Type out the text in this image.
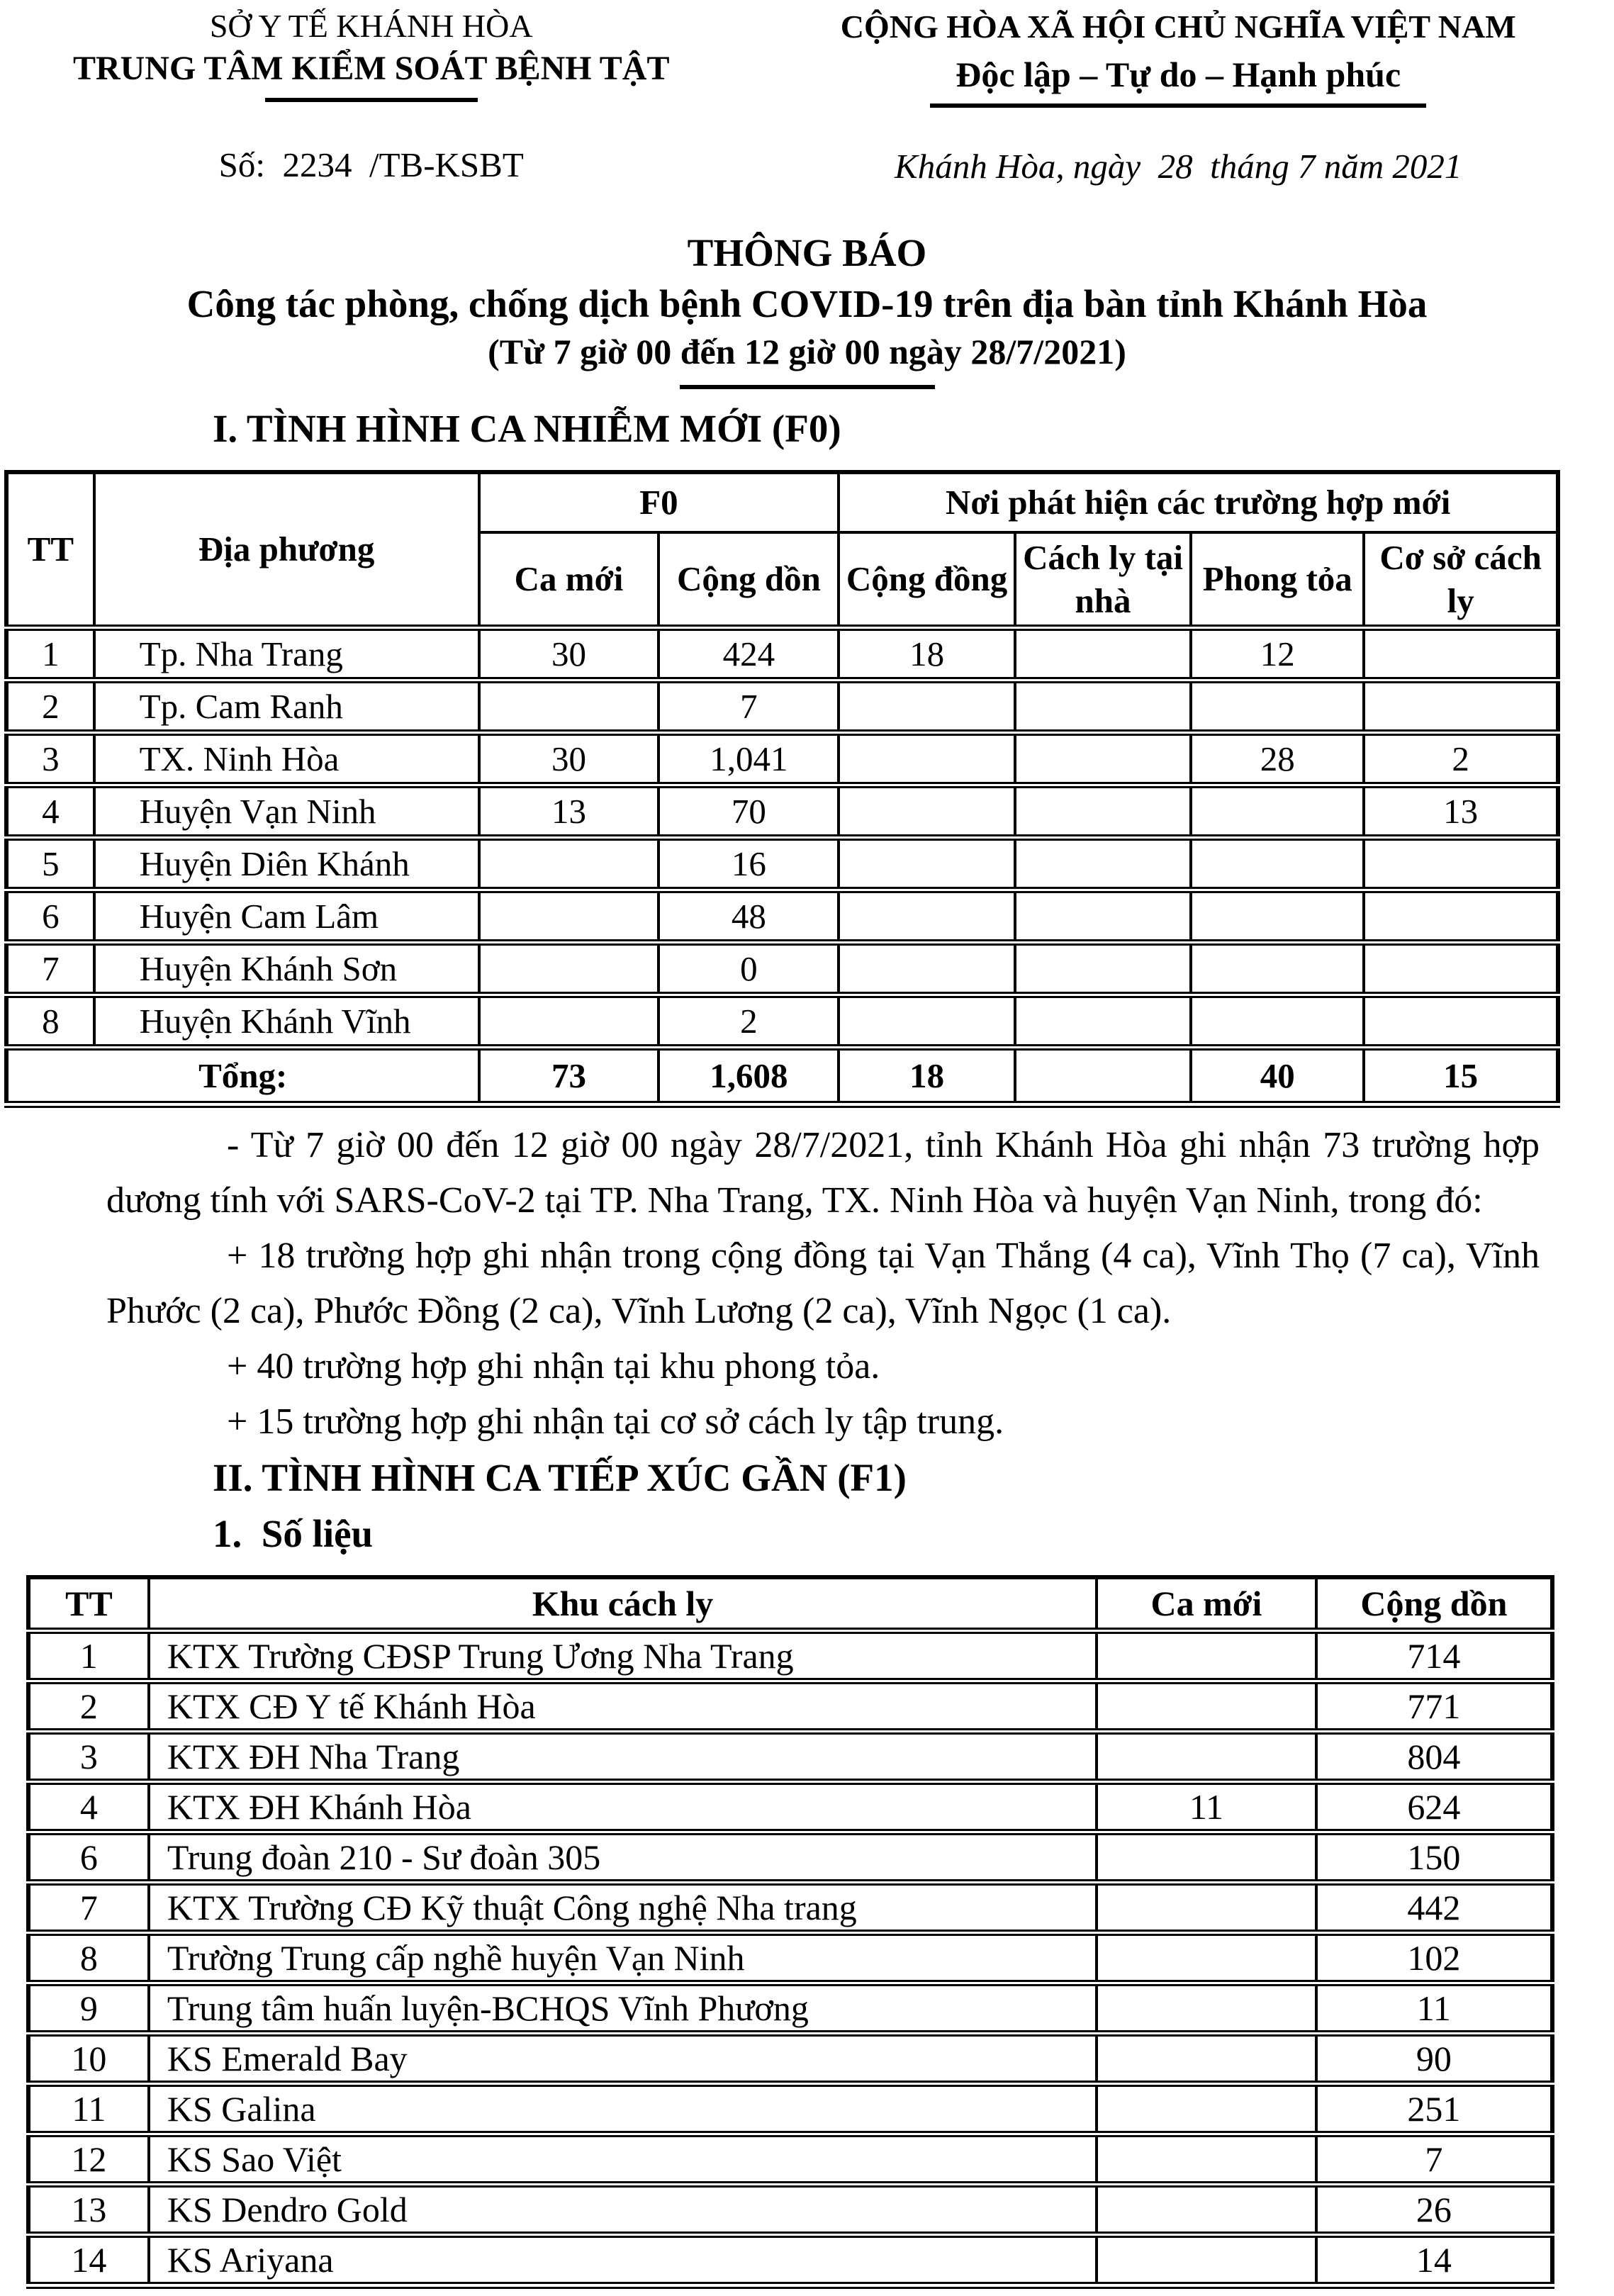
SỞ Y TẾ KHÁNH HÒA
TRUNG TÂM KIỂM SOÁT BỆNH TẬT
Số:  2234  /TB-KSBT
CỘNG HÒA XÃ HỘI CHỦ NGHĨA VIỆT NAM
Độc lập – Tự do – Hạnh phúc
Khánh Hòa, ngày  28  tháng 7 năm 2021
THÔNG BÁO
Công tác phòng, chống dịch bệnh COVID-19 trên địa bàn tỉnh Khánh Hòa
(Từ 7 giờ 00 đến 12 giờ 00 ngày 28/7/2021)
I. TÌNH HÌNH CA NHIỄM MỚI (F0)
TT	Địa phương	F0		Nơi phát hiện các trường hợp mới			
		Ca mới	Cộng dồn	Cộng đồng	Cách ly tại nhà	Phong tỏa	Cơ sở cách ly
1	Tp. Nha Trang	30	424	18		12	
2	Tp. Cam Ranh		7				
3	TX. Ninh Hòa	30	1,041			28	2
4	Huyện Vạn Ninh	13	70				13
5	Huyện Diên Khánh		16				
6	Huyện Cam Lâm		48				
7	Huyện Khánh Sơn		0				
8	Huyện Khánh Vĩnh		2				
Tổng:		73	1,608	18		40	15

- Từ 7 giờ 00 đến 12 giờ 00 ngày 28/7/2021, tỉnh Khánh Hòa ghi nhận 73 trường hợp dương tính với SARS-CoV-2 tại TP. Nha Trang, TX. Ninh Hòa và huyện Vạn Ninh, trong đó:

+ 18 trường hợp ghi nhận trong cộng đồng tại Vạn Thắng (4 ca), Vĩnh Thọ (7 ca), Vĩnh Phước (2 ca), Phước Đồng (2 ca), Vĩnh Lương (2 ca), Vĩnh Ngọc (1 ca).

+ 40 trường hợp ghi nhận tại khu phong tỏa.

+ 15 trường hợp ghi nhận tại cơ sở cách ly tập trung.

II. TÌNH HÌNH CA TIẾP XÚC GẦN (F1)
1.  Số liệu
TT	Khu cách ly	Ca mới	Cộng dồn
1	KTX Trường CĐSP Trung Ương Nha Trang		714
2	KTX CĐ Y tế Khánh Hòa		771
3	KTX ĐH Nha Trang		804
4	KTX ĐH Khánh Hòa	11	624
6	Trung đoàn 210 - Sư đoàn 305		150
7	KTX Trường CĐ Kỹ thuật Công nghệ Nha trang		442
8	Trường Trung cấp nghề huyện Vạn Ninh		102
9	Trung tâm huấn luyện-BCHQS Vĩnh Phương		11
10	KS Emerald Bay		90
11	KS Galina		251
12	KS Sao Việt		7
13	KS Dendro Gold		26
14	KS Ariyana		14
